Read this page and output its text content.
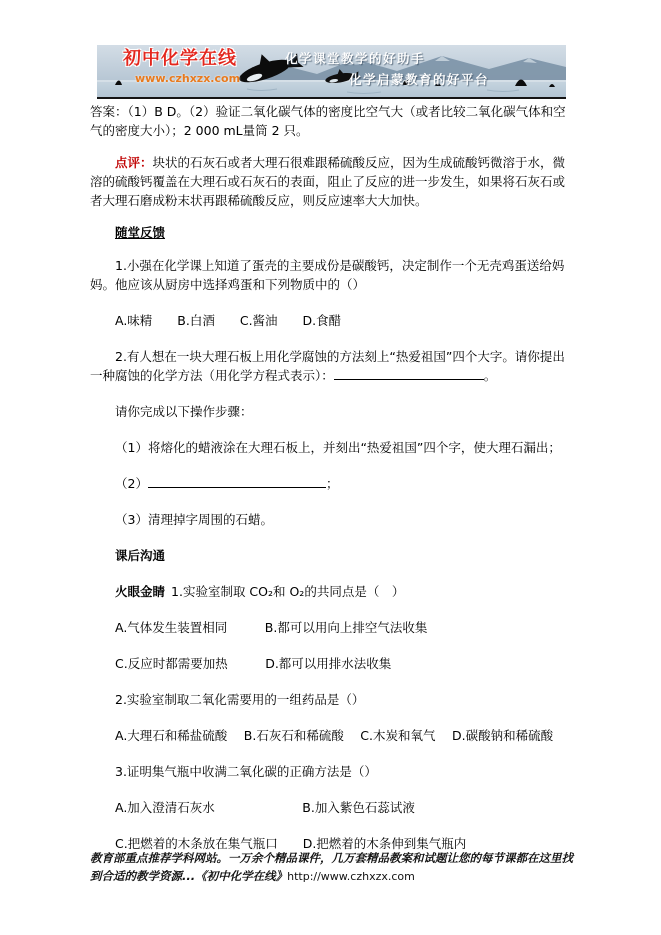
初中化学在线
www.czhxzx.com
化学课堂教学的好助手
化学启蒙教育的好平台

答案：（1）B D。（2）验证二氧化碳气体的密度比空气大（或者比较二氧化碳气体和空气的密度大小）；2 000 mL量筒 2 只。

点评：块状的石灰石或者大理石很难跟稀硫酸反应，因为生成硫酸钙微溶于水，微溶的硫酸钙覆盖在大理石或石灰石的表面，阻止了反应的进一步发生，如果将石灰石或者大理石磨成粉末状再跟稀硫酸反应，则反应速率大大加快。

随堂反馈

1.小强在化学课上知道了蛋壳的主要成份是碳酸钙，决定制作一个无壳鸡蛋送给妈妈。他应该从厨房中选择鸡蛋和下列物质中的（）

A.味精　　B.白酒　　C.酱油　　D.食醋

2.有人想在一块大理石板上用化学腐蚀的方法刻上“热爱祖国”四个大字。请你提出一种腐蚀的化学方法（用化学方程式表示）：	。

请你完成以下操作步骤：

（1）将熔化的蜡液涂在大理石板上，并刻出“热爱祖国”四个字，使大理石漏出；

（2）	；

（3）清理掉字周围的石蜡。

课后沟通

火眼金睛 1.实验室制取 CO₂和 O₂的共同点是（　）

A.气体发生装置相同　　　B.都可以用向上排空气法收集

C.反应时都需要加热　　　D.都可以用排水法收集

2.实验室制取二氧化需要用的一组药品是（）

A.大理石和稀盐硫酸　 B.石灰石和稀硫酸 　C.木炭和氧气　 D.碳酸钠和稀硫酸

3.证明集气瓶中收满二氧化碳的正确方法是（）

A.加入澄清石灰水　　　　　　　B.加入紫色石蕊试液

C.把燃着的木条放在集气瓶口　　D.把燃着的木条伸到集气瓶内

教育部重点推荐学科网站。一万余个精品课件，几万套精品教案和试题让您的每节课都在这里找到合适的教学资源...《初中化学在线》http://www.czhxzx.com
